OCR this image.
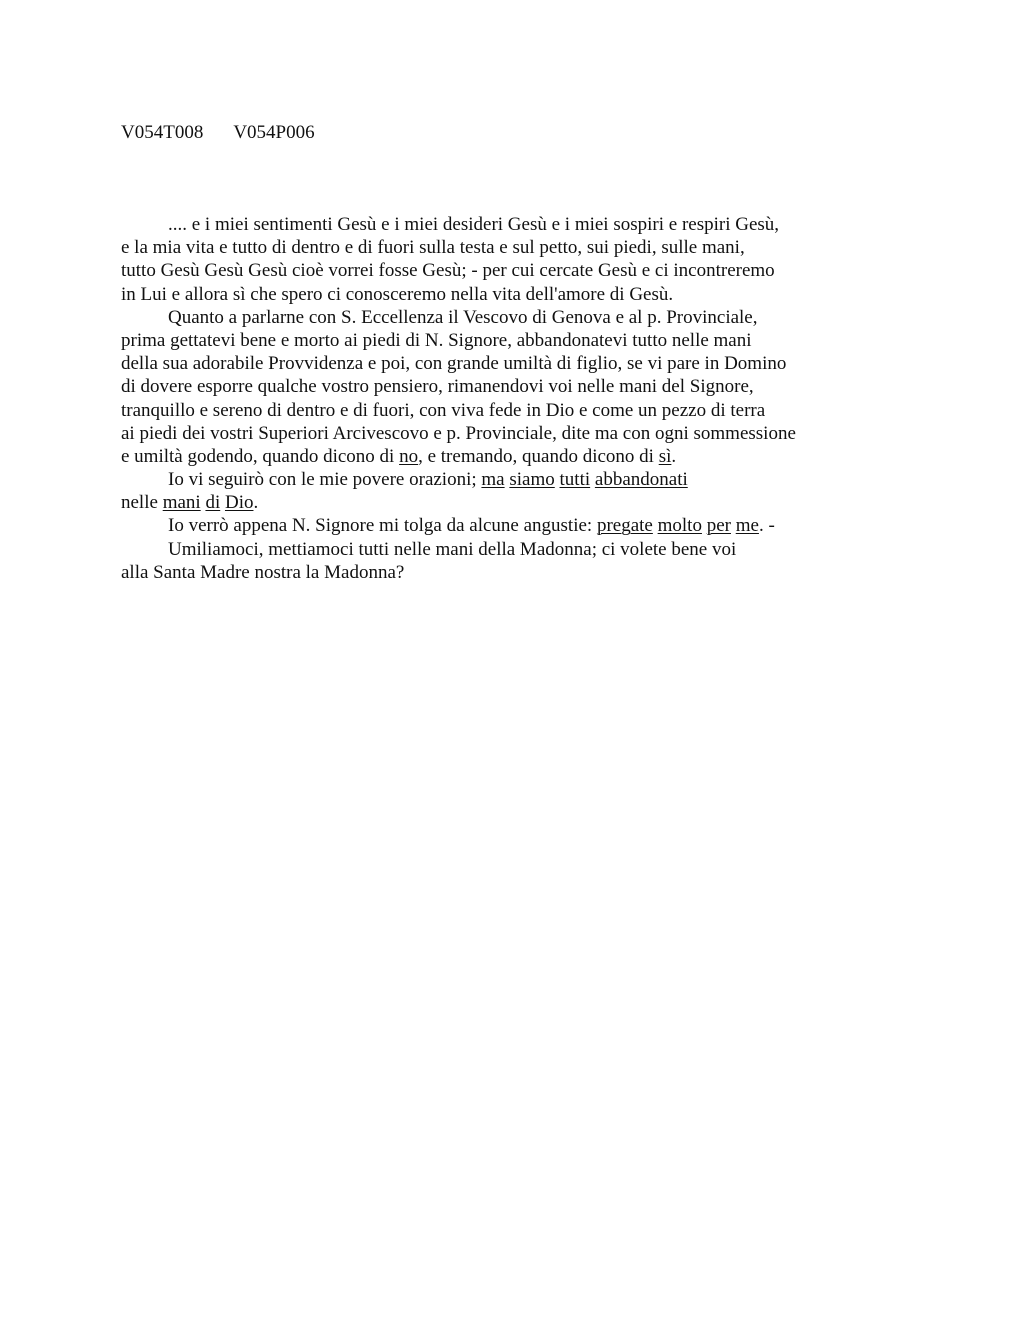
V054T008 V054P006
.... e i miei sentimenti Gesù e i miei desideri Gesù e i miei sospiri e respiri Gesù,
e la mia vita e tutto di dentro e di fuori sulla testa e sul petto, sui piedi, sulle mani,
tutto Gesù Gesù Gesù cioè vorrei fosse Gesù; - per cui cercate Gesù e ci incontreremo
in Lui e allora sì che spero ci conosceremo nella vita dell'amore di Gesù.
Quanto a parlarne con S. Eccellenza il Vescovo di Genova e al p. Provinciale,
prima gettatevi bene e morto ai piedi di N. Signore, abbandonatevi tutto nelle mani
della sua adorabile Provvidenza e poi, con grande umiltà di figlio, se vi pare in Domino
di dovere esporre qualche vostro pensiero, rimanendovi voi nelle mani del Signore,
tranquillo e sereno di dentro e di fuori, con viva fede in Dio e come un pezzo di terra
ai piedi dei vostri Superiori Arcivescovo e p. Provinciale, dite ma con ogni sommessione
e umiltà godendo, quando dicono di no, e tremando, quando dicono di sì.
Io vi seguirò con le mie povere orazioni; ma siamo tutti abbandonati
nelle mani di Dio.
Io verrò appena N. Signore mi tolga da alcune angustie: pregate molto per me. -
Umiliamoci, mettiamoci tutti nelle mani della Madonna; ci volete bene voi
alla Santa Madre nostra la Madonna?
